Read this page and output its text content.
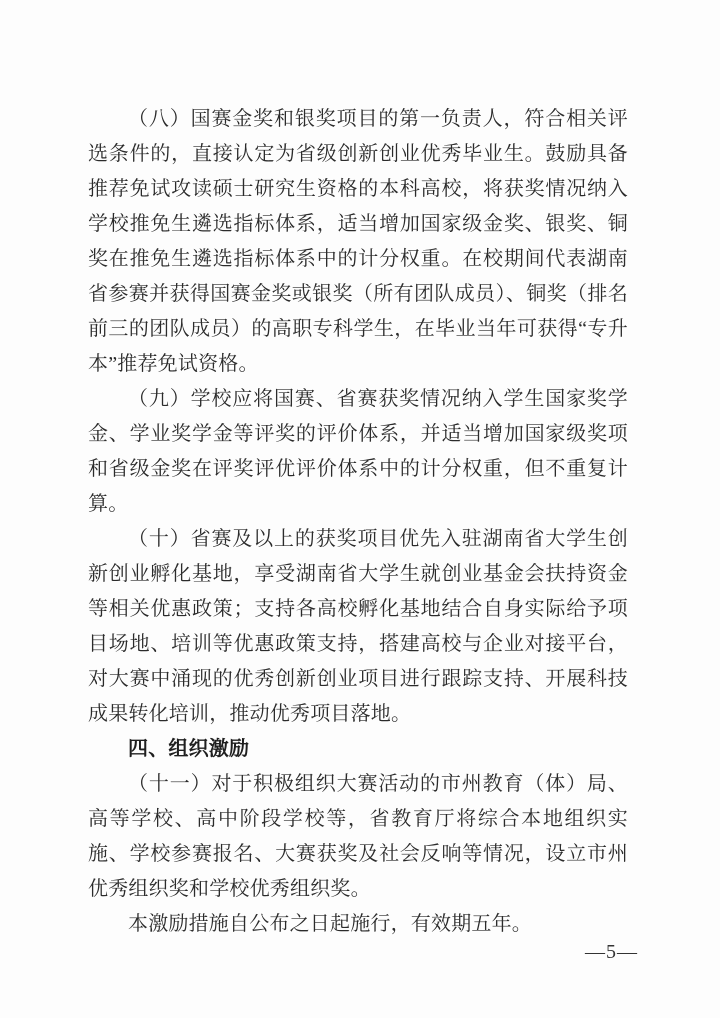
（八）国赛金奖和银奖项目的第一负责人，符合相关评选条件的，直接认定为省级创新创业优秀毕业生。鼓励具备推荐免试攻读硕士研究生资格的本科高校，将获奖情况纳入学校推免生遴选指标体系，适当增加国家级金奖、银奖、铜奖在推免生遴选指标体系中的计分权重。在校期间代表湖南省参赛并获得国赛金奖或银奖（所有团队成员）、铜奖（排名前三的团队成员）的高职专科学生，在毕业当年可获得“专升本”推荐免试资格。

（九）学校应将国赛、省赛获奖情况纳入学生国家奖学金、学业奖学金等评奖的评价体系，并适当增加国家级奖项和省级金奖在评奖评优评价体系中的计分权重，但不重复计算。

（十）省赛及以上的获奖项目优先入驻湖南省大学生创新创业孵化基地，享受湖南省大学生就创业基金会扶持资金等相关优惠政策；支持各高校孵化基地结合自身实际给予项目场地、培训等优惠政策支持，搭建高校与企业对接平台，对大赛中涌现的优秀创新创业项目进行跟踪支持、开展科技成果转化培训，推动优秀项目落地。

四、组织激励

（十一）对于积极组织大赛活动的市州教育（体）局、高等学校、高中阶段学校等，省教育厅将综合本地组织实施、学校参赛报名、大赛获奖及社会反响等情况，设立市州优秀组织奖和学校优秀组织奖。

本激励措施自公布之日起施行，有效期五年。

—5—
